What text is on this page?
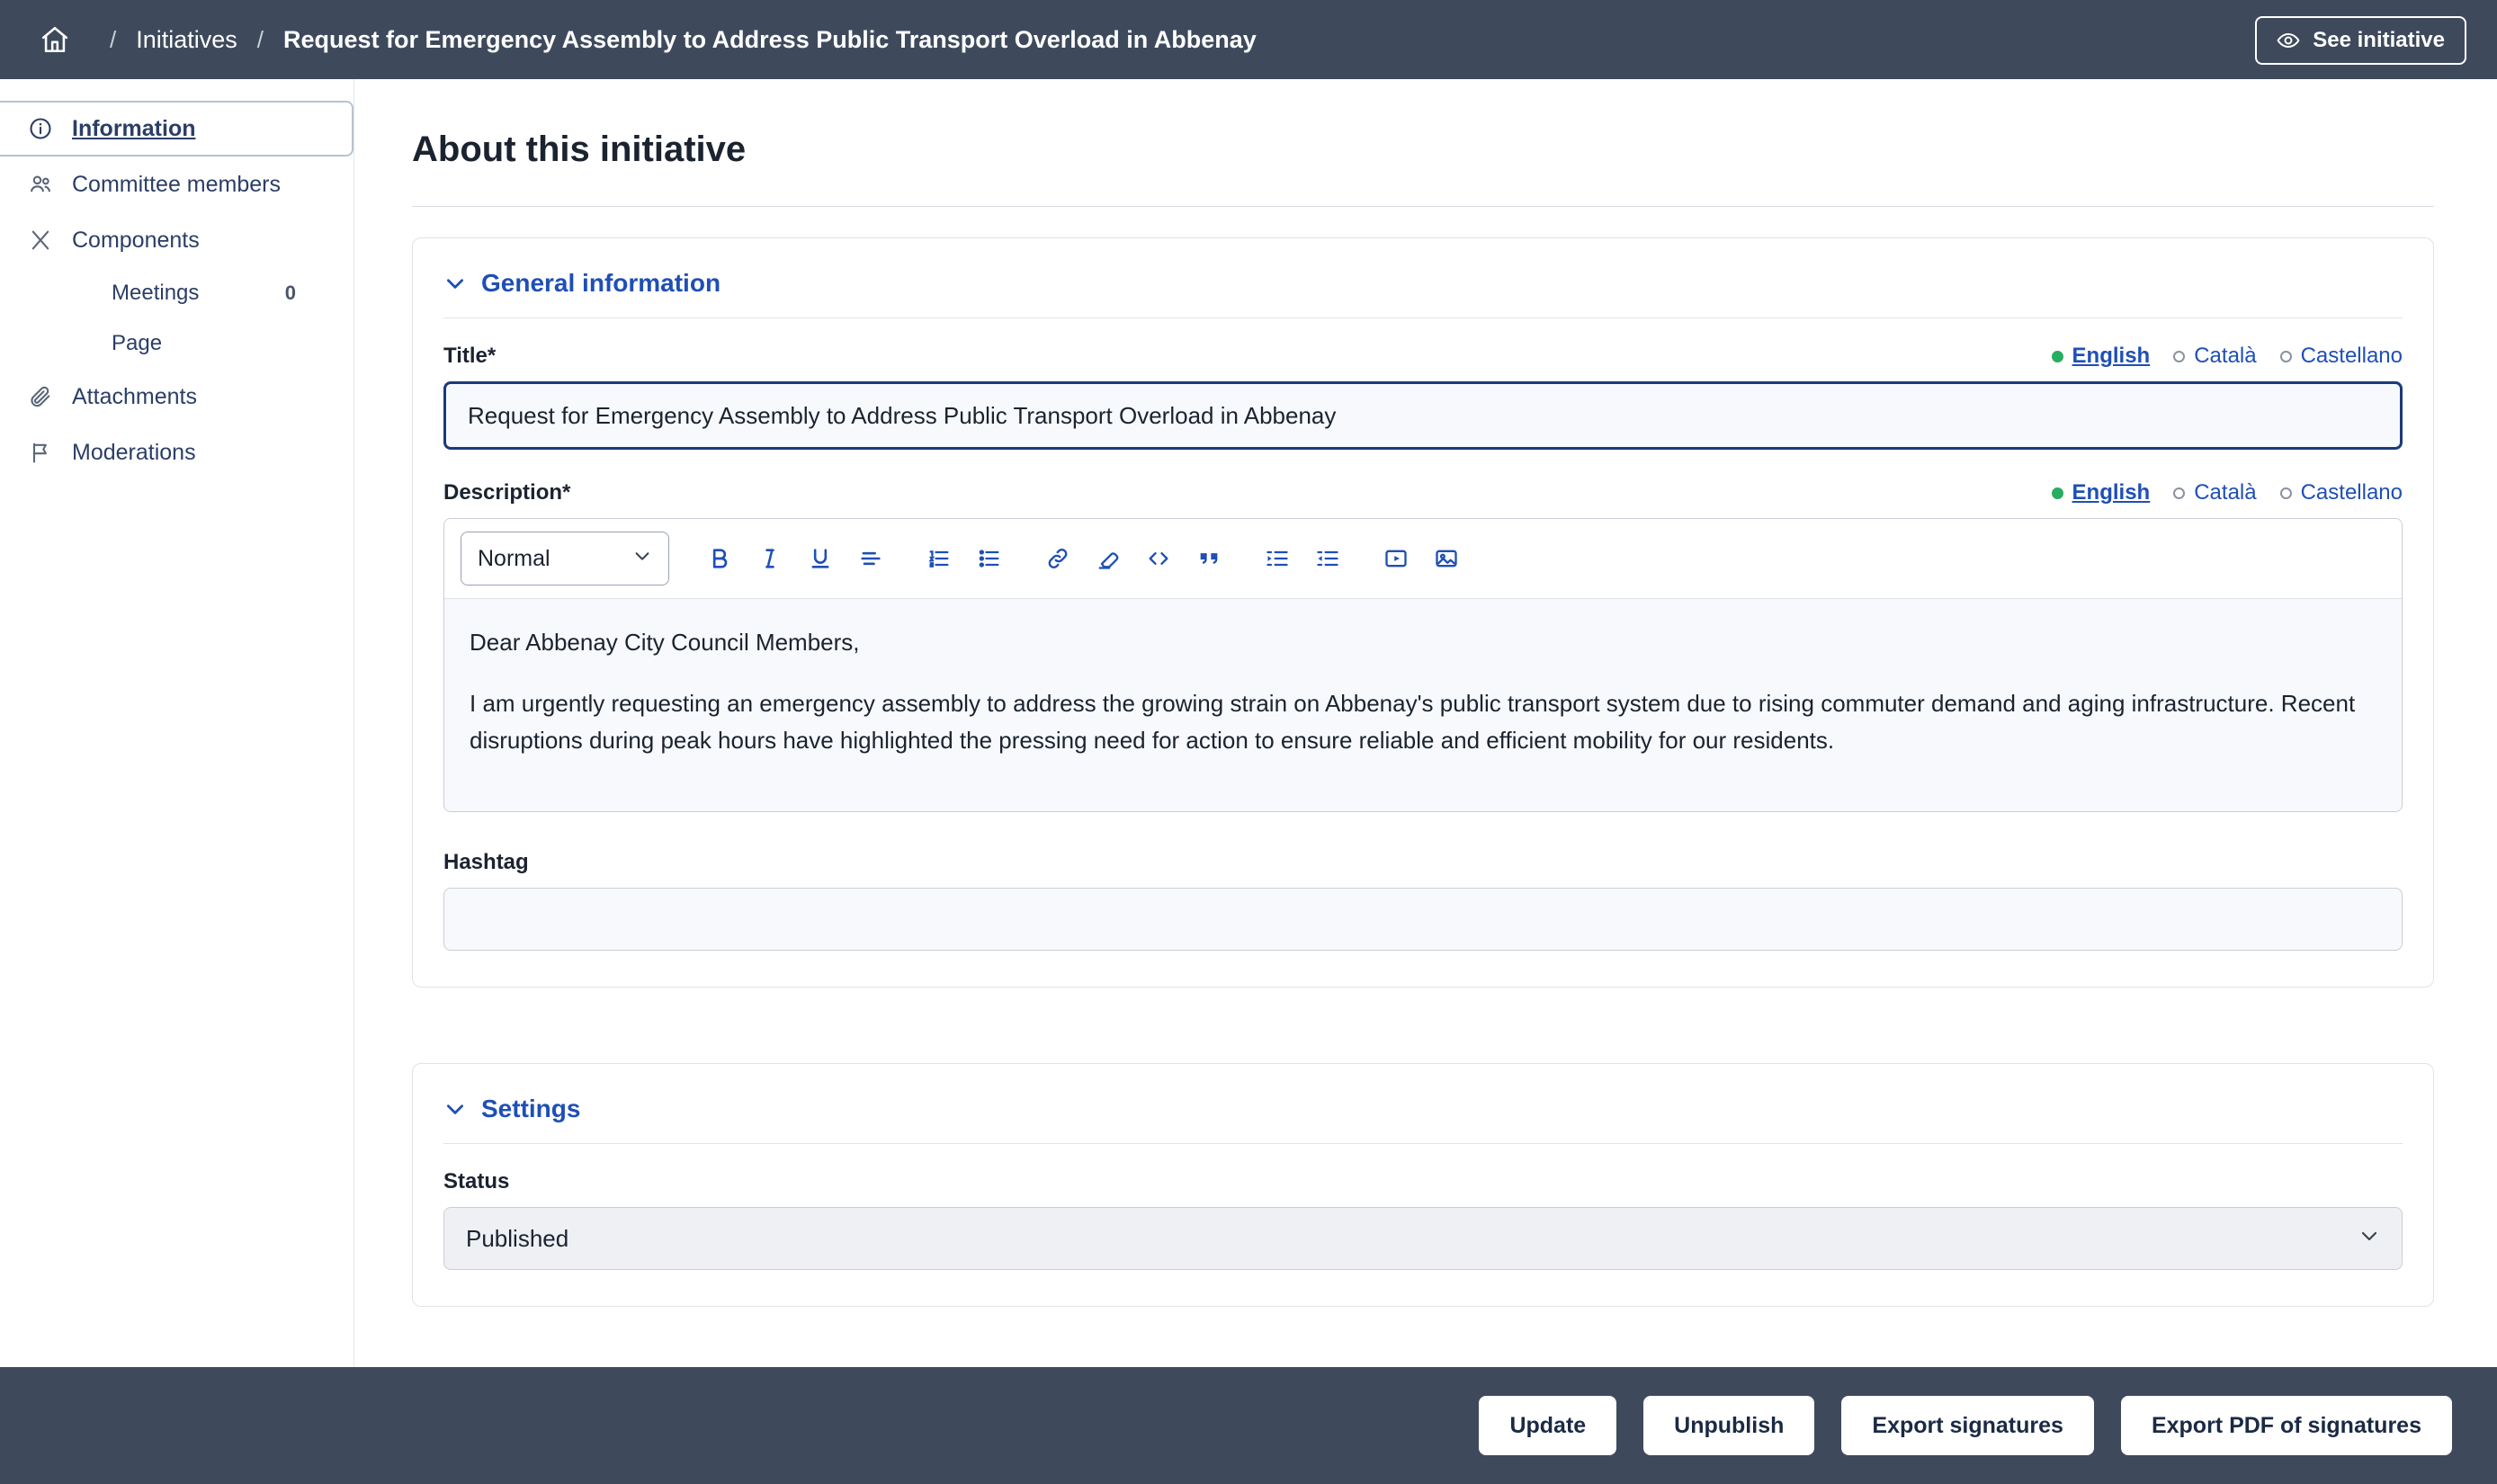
/ Initiatives / Request for Emergency Assembly to Address Public Transport Overload in Abbenay	See initiative
Information
Committee members
Components
Meetings	0
Page
Attachments
Moderations
About this initiative
General information
Title*	English Català Castellano
Request for Emergency Assembly to Address Public Transport Overload in Abbenay
Description*	English Català Castellano
Normal

Dear Abbenay City Council Members,

I am urgently requesting an emergency assembly to address the growing strain on Abbenay's public transport system due to rising commuter demand and aging infrastructure. Recent disruptions during peak hours have highlighted the pressing need for action to ensure reliable and efficient mobility for our residents.

Hashtag
Settings
Status
Published
Update	Unpublish	Export signatures	Export PDF of signatures
